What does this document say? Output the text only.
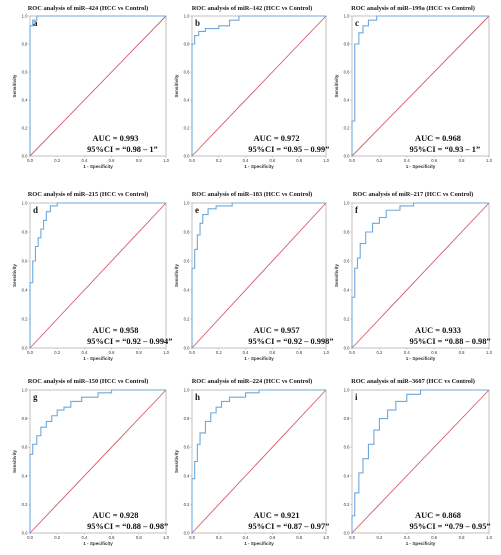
ROC analysis of miR–424 (HCC vs Control)
0.0
0.0
0.2
0.2
0.4
0.4
0.6
0.6
0.8
0.8
1.0
1.0
1 - Specificity
Sensitivity
a
AUC = 0.993
95%CI = “0.98 – 1”
ROC analysis of miR–142 (HCC vs Control)
0.0
0.0
0.2
0.2
0.4
0.4
0.6
0.6
0.8
0.8
1.0
1.0
1 - Specificity
Sensitivity
b
AUC = 0.972
95%CI = “0.95 – 0.99”
ROC analysis of miR–199a (HCC vs Control)
0.0
0.0
0.2
0.2
0.4
0.4
0.6
0.6
0.8
0.8
1.0
1.0
1 - Specificity
Sensitivity
c
AUC = 0.968
95%CI = “0.93 – 1”
ROC analysis of miR–215 (HCC vs Control)
0.0
0.0
0.2
0.2
0.4
0.4
0.6
0.6
0.8
0.8
1.0
1.0
1 - Specificity
Sensitivity
d
AUC = 0.958
95%CI = “0.92 – 0.994”
ROC analysis of miR–183 (HCC vs Control)
0.0
0.0
0.2
0.2
0.4
0.4
0.6
0.6
0.8
0.8
1.0
1.0
1 - Specificity
Sensitivity
e
AUC = 0.957
95%CI = “0.92 – 0.998”
ROC analysis of miR–217 (HCC vs Control)
0.0
0.0
0.2
0.2
0.4
0.4
0.6
0.6
0.8
0.8
1.0
1.0
1 - Specificity
Sensitivity
f
AUC = 0.933
95%CI = “0.88 – 0.98”
ROC analysis of miR–150 (HCC vs Control)
0.0
0.0
0.2
0.2
0.4
0.4
0.6
0.6
0.8
0.8
1.0
1.0
1 - Specificity
Sensitivity
g
AUC = 0.928
95%CI = “0.88 – 0.98”
ROC analysis of miR–224 (HCC vs Control)
0.0
0.0
0.2
0.2
0.4
0.4
0.6
0.6
0.8
0.8
1.0
1.0
1 - Specificity
Sensitivity
h
AUC = 0.921
95%CI = “0.87 – 0.97”
ROC analysis of miR–3607 (HCC vs Control)
0.0
0.0
0.2
0.2
0.4
0.4
0.6
0.6
0.8
0.8
1.0
1.0
1 - Specificity
i
AUC = 0.868
95%CI = “0.79 – 0.95”
